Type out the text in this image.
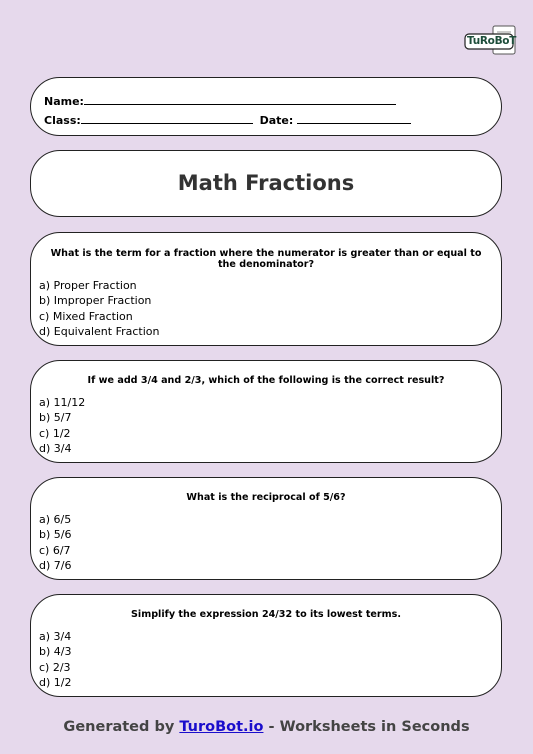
TuRoBoT
Name:
Class:	Date:
Math Fractions
What is the term for a fraction where the numerator is greater than or equal to the denominator?
a) Proper Fraction
b) Improper Fraction
c) Mixed Fraction
d) Equivalent Fraction
If we add 3/4 and 2/3, which of the following is the correct result?
a) 11/12
b) 5/7
c) 1/2
d) 3/4
What is the reciprocal of 5/6?
a) 6/5
b) 5/6
c) 6/7
d) 7/6
Simplify the expression 24/32 to its lowest terms.
a) 3/4
b) 4/3
c) 2/3
d) 1/2
Generated by TuroBot.io - Worksheets in Seconds
